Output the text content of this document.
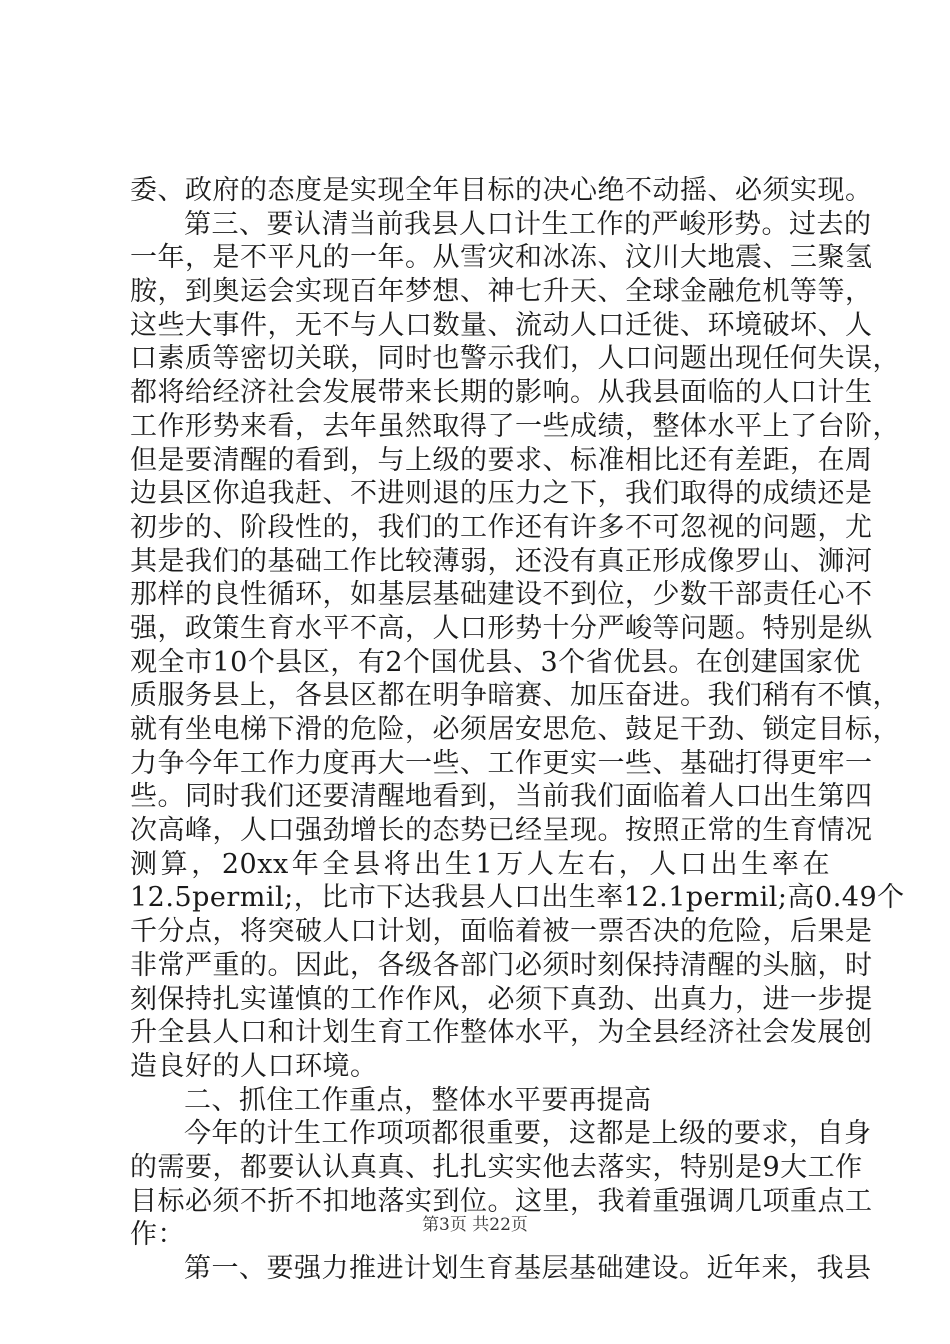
委、政府的态度是实现全年目标的决心绝不动摇、必须实现。
第三、要认清当前我县人口计生工作的严峻形势。过去的
一年，是不平凡的一年。从雪灾和冰冻、汶川大地震、三聚氢
胺，到奥运会实现百年梦想、神七升天、全球金融危机等等，
这些大事件，无不与人口数量、流动人口迁徙、环境破坏、人
口素质等密切关联，同时也警示我们，人口问题出现任何失误，
都将给经济社会发展带来长期的影响。从我县面临的人口计生
工作形势来看，去年虽然取得了一些成绩，整体水平上了台阶，
但是要清醒的看到，与上级的要求、标准相比还有差距，在周
边县区你追我赶、不进则退的压力之下，我们取得的成绩还是
初步的、阶段性的，我们的工作还有许多不可忽视的问题，尤
其是我们的基础工作比较薄弱，还没有真正形成像罗山、浉河
那样的良性循环，如基层基础建设不到位，少数干部责任心不
强，政策生育水平不高，人口形势十分严峻等问题。特别是纵
观全市10个县区，有2个国优县、3个省优县。在创建国家优
质服务县上，各县区都在明争暗赛、加压奋进。我们稍有不慎，
就有坐电梯下滑的危险，必须居安思危、鼓足干劲、锁定目标，
力争今年工作力度再大一些、工作更实一些、基础打得更牢一
些。同时我们还要清醒地看到，当前我们面临着人口出生第四
次高峰，人口强劲增长的态势已经呈现。按照正常的生育情况
测算，20xx年全县将出生1万人左右，人口出生率在
12.5permil;，比市下达我县人口出生率12.1permil;高0.49个
千分点，将突破人口计划，面临着被一票否决的危险，后果是
非常严重的。因此，各级各部门必须时刻保持清醒的头脑，时
刻保持扎实谨慎的工作作风，必须下真劲、出真力，进一步提
升全县人口和计划生育工作整体水平，为全县经济社会发展创
造良好的人口环境。
二、抓住工作重点，整体水平要再提高
今年的计生工作项项都很重要，这都是上级的要求，自身
的需要，都要认认真真、扎扎实实他去落实，特别是9大工作
目标必须不折不扣地落实到位。这里，我着重强调几项重点工
作：
第一、要强力推进计划生育基层基础建设。近年来，我县
第3页 共22页
